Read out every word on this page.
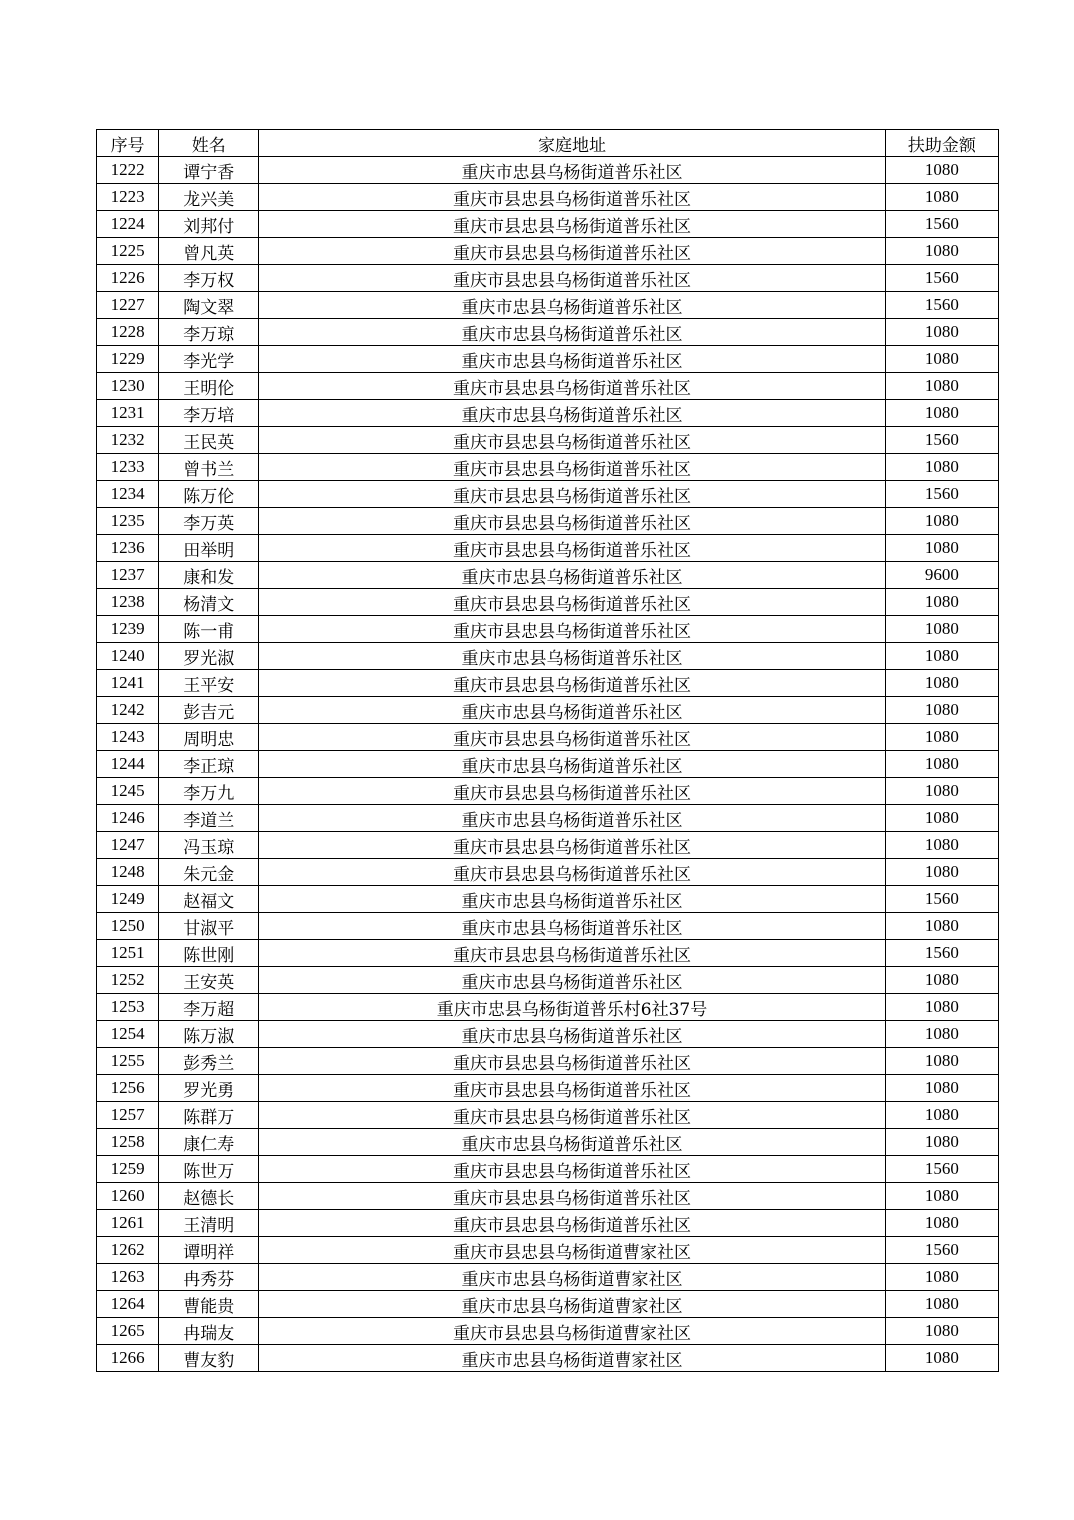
序号	姓名	家庭地址	扶助金额
1222	谭宁香	重庆市忠县乌杨街道普乐社区	1080
1223	龙兴美	重庆市县忠县乌杨街道普乐社区	1080
1224	刘邦付	重庆市县忠县乌杨街道普乐社区	1560
1225	曾凡英	重庆市县忠县乌杨街道普乐社区	1080
1226	李万权	重庆市县忠县乌杨街道普乐社区	1560
1227	陶文翠	重庆市忠县乌杨街道普乐社区	1560
1228	李万琼	重庆市忠县乌杨街道普乐社区	1080
1229	李光学	重庆市忠县乌杨街道普乐社区	1080
1230	王明伦	重庆市县忠县乌杨街道普乐社区	1080
1231	李万培	重庆市忠县乌杨街道普乐社区	1080
1232	王民英	重庆市县忠县乌杨街道普乐社区	1560
1233	曾书兰	重庆市县忠县乌杨街道普乐社区	1080
1234	陈万伦	重庆市县忠县乌杨街道普乐社区	1560
1235	李万英	重庆市县忠县乌杨街道普乐社区	1080
1236	田举明	重庆市县忠县乌杨街道普乐社区	1080
1237	康和发	重庆市忠县乌杨街道普乐社区	9600
1238	杨清文	重庆市县忠县乌杨街道普乐社区	1080
1239	陈一甫	重庆市县忠县乌杨街道普乐社区	1080
1240	罗光淑	重庆市忠县乌杨街道普乐社区	1080
1241	王平安	重庆市县忠县乌杨街道普乐社区	1080
1242	彭吉元	重庆市忠县乌杨街道普乐社区	1080
1243	周明忠	重庆市县忠县乌杨街道普乐社区	1080
1244	李正琼	重庆市忠县乌杨街道普乐社区	1080
1245	李万九	重庆市县忠县乌杨街道普乐社区	1080
1246	李道兰	重庆市忠县乌杨街道普乐社区	1080
1247	冯玉琼	重庆市县忠县乌杨街道普乐社区	1080
1248	朱元金	重庆市县忠县乌杨街道普乐社区	1080
1249	赵福文	重庆市忠县乌杨街道普乐社区	1560
1250	甘淑平	重庆市忠县乌杨街道普乐社区	1080
1251	陈世刚	重庆市县忠县乌杨街道普乐社区	1560
1252	王安英	重庆市忠县乌杨街道普乐社区	1080
1253	李万超	重庆市忠县乌杨街道普乐村6社37号	1080
1254	陈万淑	重庆市忠县乌杨街道普乐社区	1080
1255	彭秀兰	重庆市县忠县乌杨街道普乐社区	1080
1256	罗光勇	重庆市县忠县乌杨街道普乐社区	1080
1257	陈群万	重庆市县忠县乌杨街道普乐社区	1080
1258	康仁寿	重庆市忠县乌杨街道普乐社区	1080
1259	陈世万	重庆市县忠县乌杨街道普乐社区	1560
1260	赵德长	重庆市县忠县乌杨街道普乐社区	1080
1261	王清明	重庆市县忠县乌杨街道普乐社区	1080
1262	谭明祥	重庆市县忠县乌杨街道曹家社区	1560
1263	冉秀芬	重庆市忠县乌杨街道曹家社区	1080
1264	曹能贵	重庆市忠县乌杨街道曹家社区	1080
1265	冉瑞友	重庆市县忠县乌杨街道曹家社区	1080
1266	曹友豹	重庆市忠县乌杨街道曹家社区	1080
